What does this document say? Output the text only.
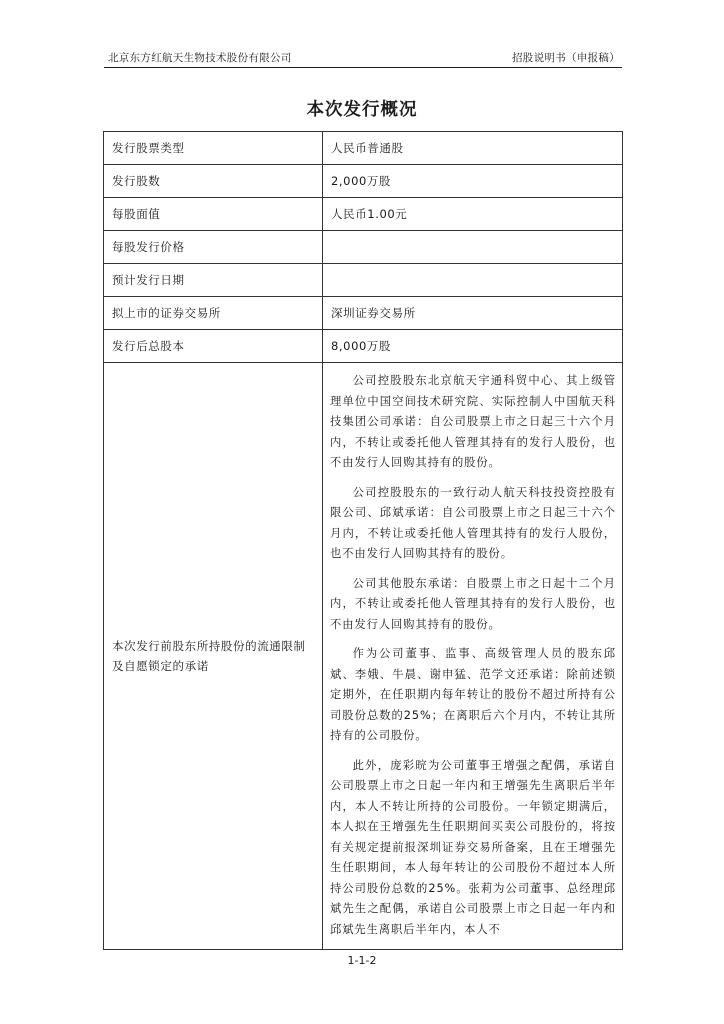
北京东方红航天生物技术股份有限公司	招股说明书（申报稿）
本次发行概况
发行股票类型	人民币普通股
发行股数	2,000万股
每股面值	人民币1.00元
每股发行价格	
预计发行日期	
拟上市的证券交易所	深圳证券交易所
发行后总股本	8,000万股
本次发行前股东所持股份的流通限制及自愿锁定的承诺	公司控股股东北京航天宇通科贸中心、其上级管理单位中国空间技术研究院、实际控制人中国航天科技集团公司承诺：自公司股票上市之日起三十六个月内，不转让或委托他人管理其持有的发行人股份，也不由发行人回购其持有的股份。

公司控股股东的一致行动人航天科技投资控股有限公司、邱斌承诺：自公司股票上市之日起三十六个月内，不转让或委托他人管理其持有的发行人股份，也不由发行人回购其持有的股份。

公司其他股东承诺：自股票上市之日起十二个月内，不转让或委托他人管理其持有的发行人股份，也不由发行人回购其持有的股份。

作为公司董事、监事、高级管理人员的股东邱斌、李娥、牛晨、谢申猛、范学文还承诺：除前述锁定期外，在任职期内每年转让的股份不超过所持有公司股份总数的25%；在离职后六个月内，不转让其所持有的公司股份。

此外，庞彩晥为公司董事王增强之配偶，承诺自公司股票上市之日起一年内和王增强先生离职后半年内，本人不转让所持的公司股份。一年锁定期满后，本人拟在王增强先生任职期间买卖公司股份的，将按有关规定提前报深圳证券交易所备案，且在王增强先生任职期间，本人每年转让的公司股份不超过本人所持公司股份总数的25%。张莉为公司董事、总经理邱斌先生之配偶，承诺自公司股票上市之日起一年内和邱斌先生离职后半年内，本人不

1-1-2
